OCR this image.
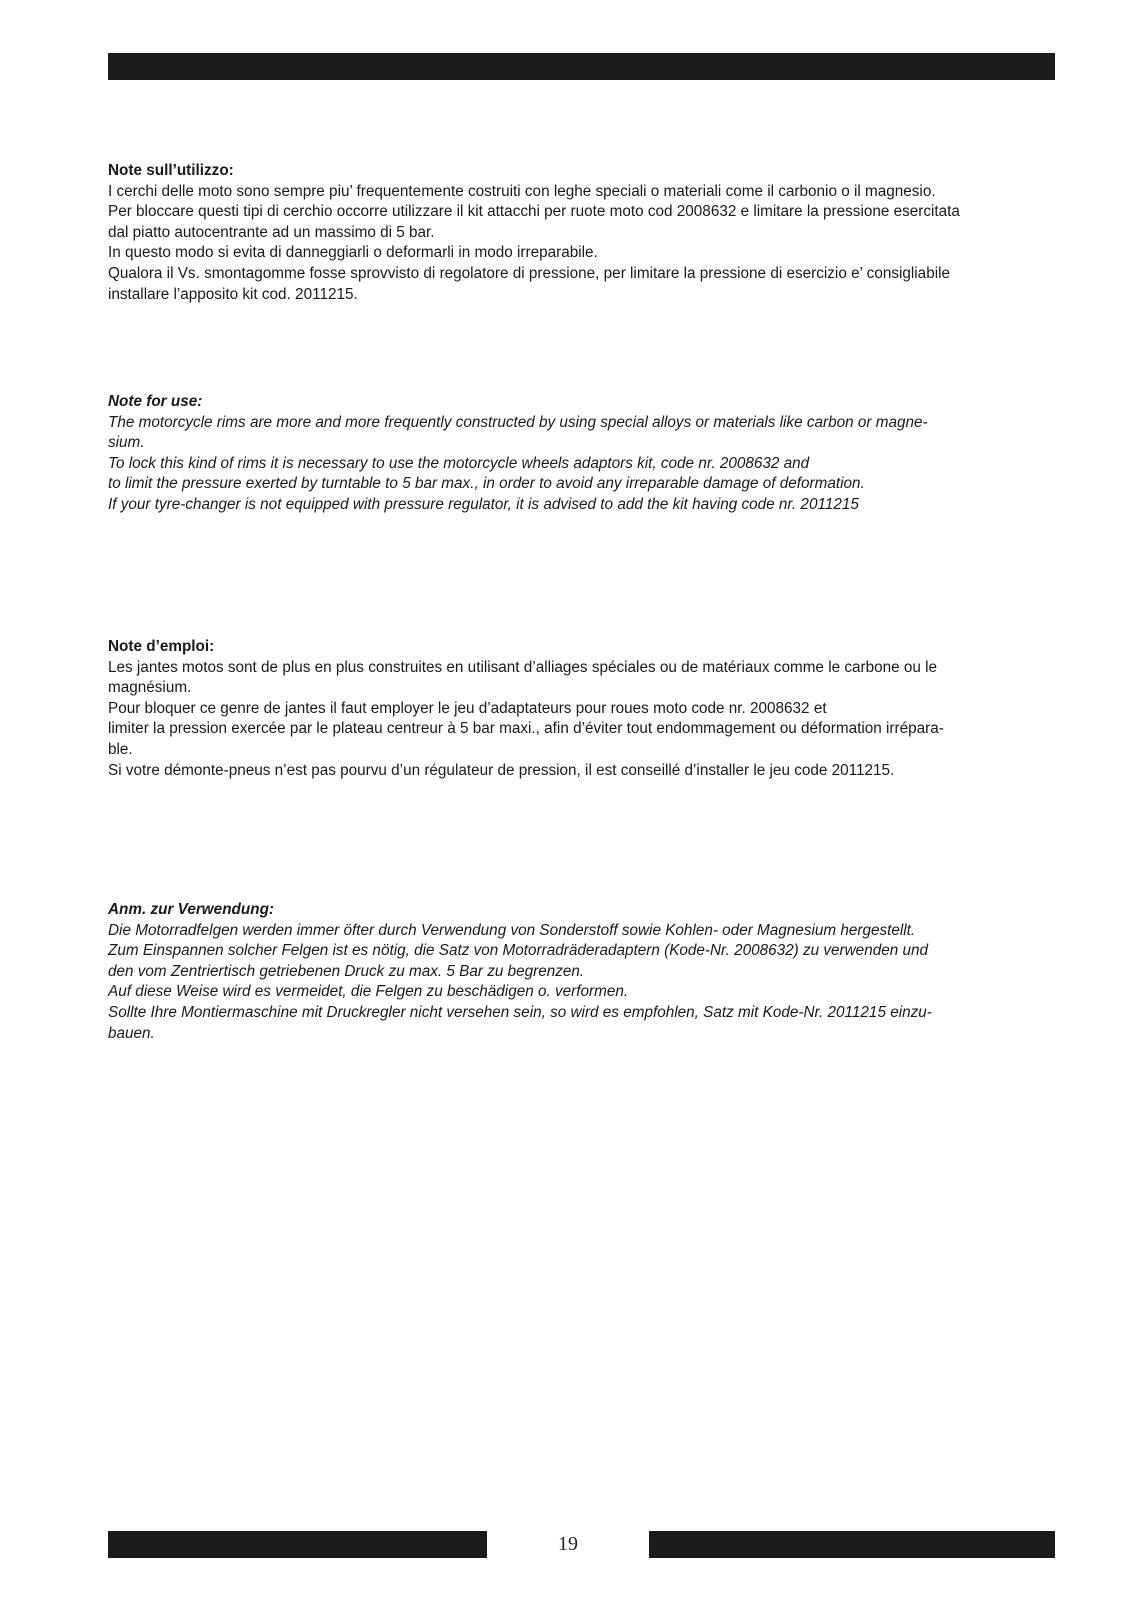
Note sull’utilizzo:

I cerchi delle moto sono sempre piu’ frequentemente costruiti con leghe speciali o materiali come il carbonio o il magnesio.

Per bloccare questi tipi di cerchio occorre utilizzare il kit attacchi per ruote moto cod 2008632 e limitare la pressione esercitata

dal piatto autocentrante ad un massimo di 5 bar.

In questo modo si evita di danneggiarli o deformarli in modo irreparabile.

Qualora il Vs. smontagomme fosse sprovvisto di regolatore di pressione, per limitare la pressione di esercizio e’ consigliabile

installare l’apposito kit cod. 2011215.

Note for use:

The motorcycle rims are more and more frequently constructed by using special alloys or materials like carbon or magne-

sium.

To lock this kind of rims it is necessary to use the motorcycle wheels adaptors kit, code nr. 2008632 and

to limit the pressure exerted by turntable to 5 bar max., in order to avoid any irreparable damage of deformation.

If your tyre-changer is not equipped with pressure regulator, it is advised to add the kit having code nr. 2011215

Note d’emploi:

Les jantes motos sont de plus en plus construites en utilisant d’alliages spéciales ou de matériaux comme le carbone ou le

magnésium.

Pour bloquer ce genre de jantes il faut employer le jeu d’adaptateurs pour roues moto code nr. 2008632 et

limiter la pression exercée par le plateau centreur à 5 bar maxi., afin d’éviter tout endommagement ou déformation irrépara-

ble.

Si votre démonte-pneus n’est pas pourvu d’un régulateur de pression, il est conseillé d’installer le jeu code 2011215.

Anm. zur Verwendung:

Die Motorradfelgen werden immer öfter durch Verwendung von Sonderstoff sowie Kohlen- oder Magnesium hergestellt.

Zum Einspannen solcher Felgen ist es nötig, die Satz von Motorradräderadaptern (Kode-Nr. 2008632) zu verwenden und

den vom Zentriertisch getriebenen Druck zu max. 5 Bar zu begrenzen.

Auf diese Weise wird es vermeidet, die Felgen zu beschädigen o. verformen.

Sollte Ihre Montiermaschine mit Druckregler nicht versehen sein, so wird es empfohlen, Satz mit Kode-Nr. 2011215 einzu-

bauen.

19
